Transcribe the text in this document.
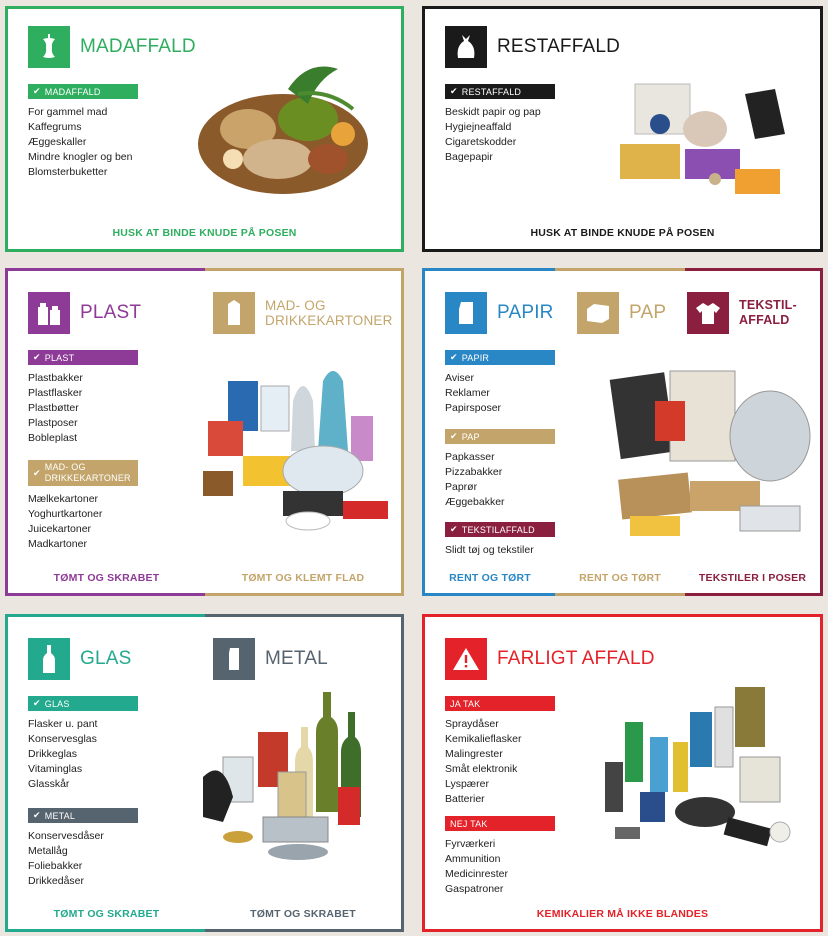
MADAFFALD
✔ MADAFFALD
For gammel mad
Kaffegrums
Æggeskaller
Mindre knogler og ben
Blomsterbuketter
HUSK AT BINDE KNUDE PÅ POSEN
RESTAFFALD
✔ RESTAFFALD
Beskidt papir og pap
Hygiejneaffald
Cigaretskodder
Bagepapir
HUSK AT BINDE KNUDE PÅ POSEN
PLAST	MAD- OG
DRIKKEKARTONER
✔ PLAST
Plastbakker
Plastflasker
Plastbøtter
Plastposer
Bobleplast
✔
MAD- OG
DRIKKEKARTONER
Mælkekartoner
Yoghurtkartoner
Juicekartoner
Madkartoner
TØMT OG SKRABET	TØMT OG KLEMT FLAD
PAPIR	PAP	TEKSTIL-
AFFALD
✔ PAPIR
Aviser
Reklamer
Papirsposer
✔ PAP
Papkasser
Pizzabakker
Paprør
Æggebakker
✔ TEKSTILAFFALD
Slidt tøj og tekstiler
RENT OG TØRT	RENT OG TØRT	TEKSTILER I POSER
GLAS	METAL
✔ GLAS
Flasker u. pant
Konservesglas
Drikkeglas
Vitaminglas
Glasskår
✔ METAL
Konservesdåser
Metallåg
Foliebakker
Drikkedåser
TØMT OG SKRABET	TØMT OG SKRABET
FARLIGT AFFALD
JA TAK
Spraydåser
Kemikalieflasker
Malingrester
Småt elektronik
Lyspærer
Batterier
NEJ TAK
Fyrværkeri
Ammunition
Medicinrester
Gaspatroner
KEMIKALIER MÅ IKKE BLANDES
